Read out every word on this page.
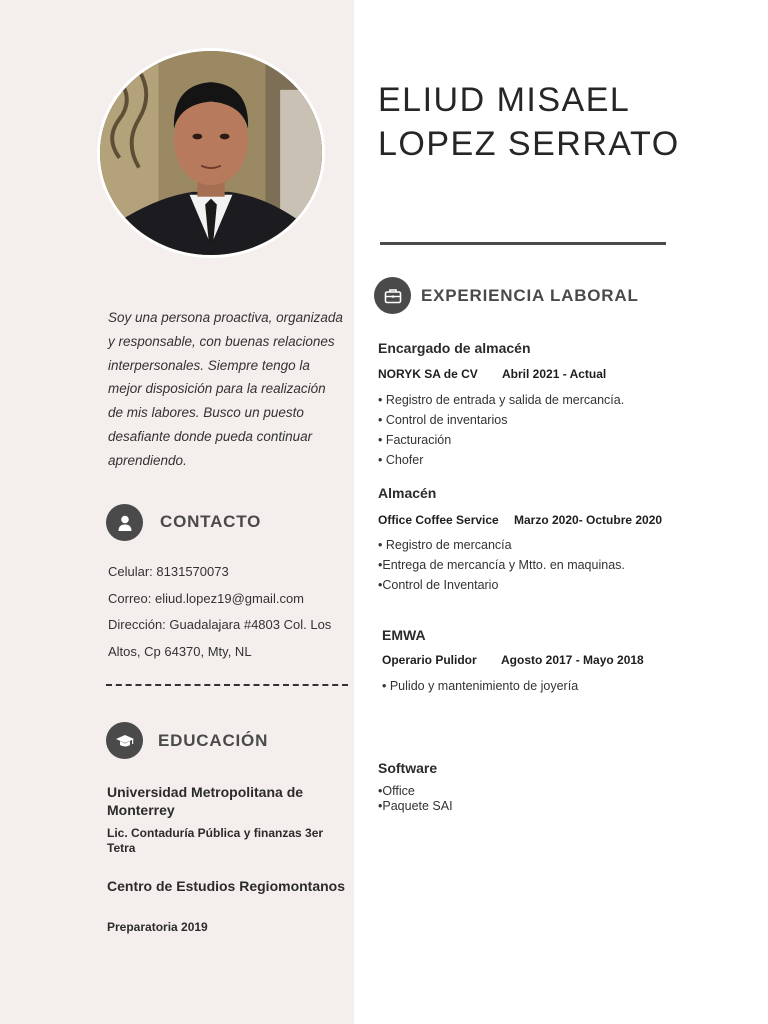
Soy una persona proactiva, organizada y responsable, con buenas relaciones interpersonales. Siempre tengo la mejor disposición para la realización de mis labores. Busco un puesto desafiante donde pueda continuar aprendiendo.

CONTACTO

Celular: 8131570073

Correo: eliud.lopez19@gmail.com

Dirección: Guadalajara #4803 Col. Los

Altos, Cp 64370, Mty, NL

EDUCACIÓN

Universidad Metropolitana de Monterrey

Lic. Contaduría Pública y finanzas 3er Tetra

Centro de Estudios Regiomontanos

Preparatoria 2019

ELIUD MISAEL
LOPEZ SERRATO
EXPERIENCIA LABORAL

Encargado de almacén

NORYK SA de CV Abril 2021 - Actual

• Registro de entrada y salida de mercancía.
• Control de inventarios
• Facturación
• Chofer

Almacén

Office Coffee Service Marzo 2020- Octubre 2020

• Registro de mercancía
•Entrega de mercancía y Mtto. en maquinas.
•Control de Inventario

EMWA

Operario Pulidor Agosto 2017 - Mayo 2018

• Pulido y mantenimiento de joyería

Software

•Office
•Paquete SAI
